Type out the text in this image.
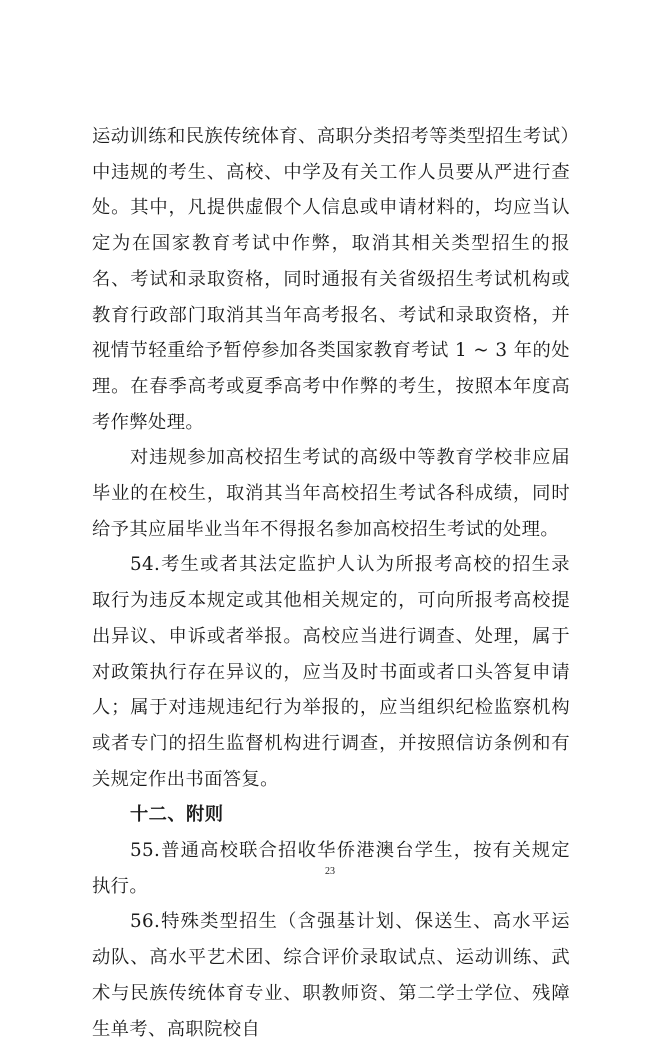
运动训练和民族传统体育、高职分类招考等类型招生考试）中违规的考生、高校、中学及有关工作人员要从严进行查处。其中，凡提供虚假个人信息或申请材料的，均应当认定为在国家教育考试中作弊，取消其相关类型招生的报名、考试和录取资格，同时通报有关省级招生考试机构或教育行政部门取消其当年高考报名、考试和录取资格，并视情节轻重给予暂停参加各类国家教育考试 1 ~ 3 年的处理。在春季高考或夏季高考中作弊的考生，按照本年度高考作弊处理。

对违规参加高校招生考试的高级中等教育学校非应届毕业的在校生，取消其当年高校招生考试各科成绩，同时给予其应届毕业当年不得报名参加高校招生考试的处理。

54.考生或者其法定监护人认为所报考高校的招生录取行为违反本规定或其他相关规定的，可向所报考高校提出异议、申诉或者举报。高校应当进行调查、处理，属于对政策执行存在异议的，应当及时书面或者口头答复申请人；属于对违规违纪行为举报的，应当组织纪检监察机构或者专门的招生监督机构进行调查，并按照信访条例和有关规定作出书面答复。

十二、附则

55.普通高校联合招收华侨港澳台学生，按有关规定执行。

56.特殊类型招生（含强基计划、保送生、高水平运动队、高水平艺术团、综合评价录取试点、运动训练、武术与民族传统体育专业、职教师资、第二学士学位、残障生单考、高职院校自

23
